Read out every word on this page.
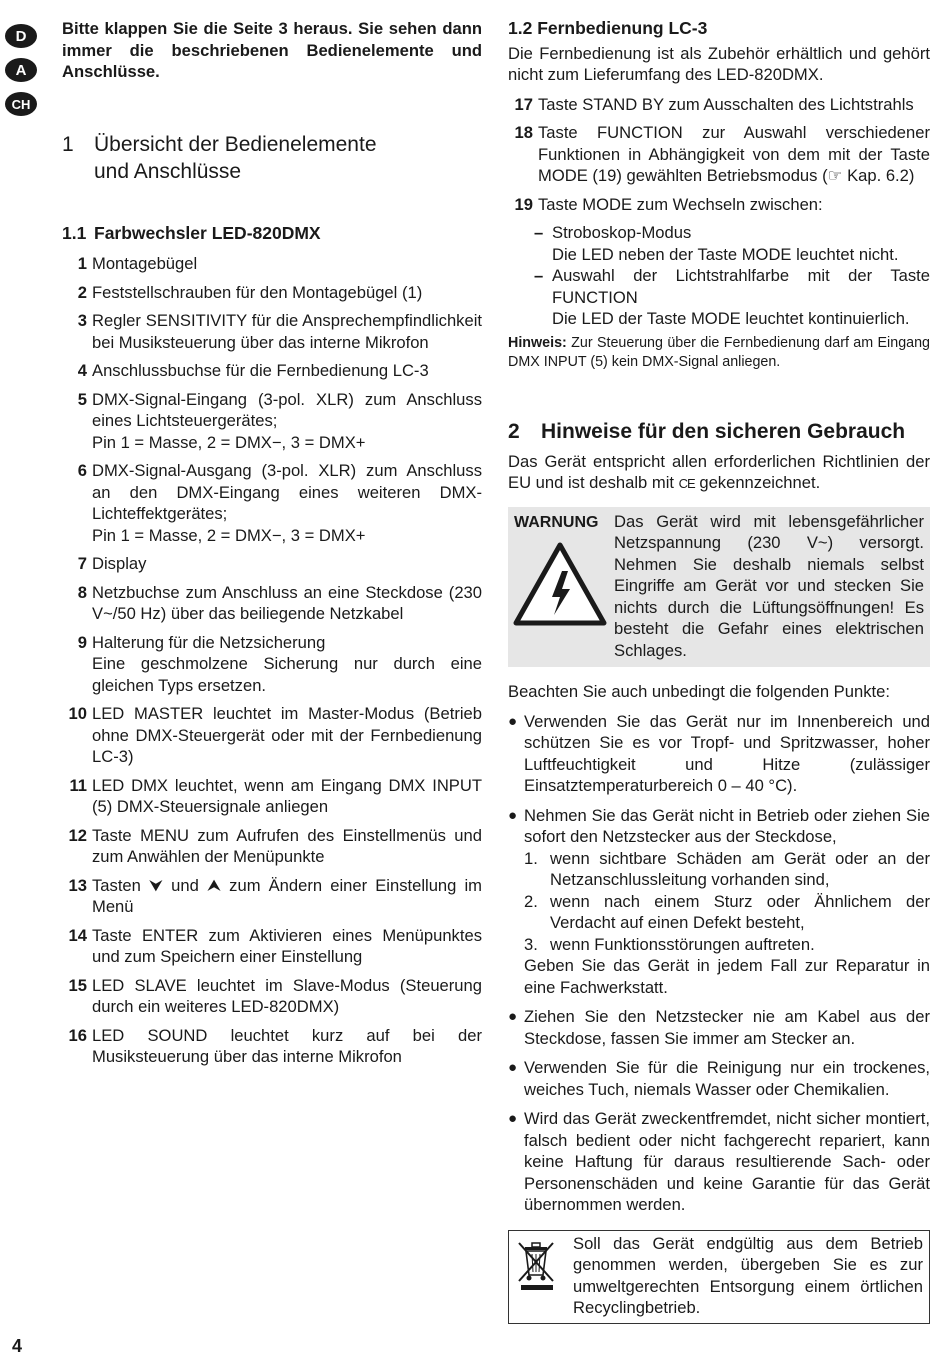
D
A
CH

Bitte klappen Sie die Seite 3 heraus. Sie sehen dann immer die beschriebenen Bedienelemente und Anschlüsse.

1 Übersicht der Bedienelemente und Anschlüsse
1.1 Farbwechsler LED-820DMX
1 Montagebügel
2 Feststellschrauben für den Montagebügel (1)
3 Regler SENSITIVITY für die Ansprechempfindlichkeit bei Musiksteuerung über das interne Mikrofon
4 Anschlussbuchse für die Fernbedienung LC-3
5 DMX-Signal-Eingang (3-pol. XLR) zum Anschluss eines Lichtsteuergerätes;
Pin 1 = Masse, 2 = DMX−, 3 = DMX+
6 DMX-Signal-Ausgang (3-pol. XLR) zum Anschluss an den DMX-Eingang eines weiteren DMX-Lichteffektgerätes;
Pin 1 = Masse, 2 = DMX−, 3 = DMX+
7 Display
8 Netzbuchse zum Anschluss an eine Steckdose (230 V~/50 Hz) über das beiliegende Netzkabel
9 Halterung für die Netzsicherung
Eine geschmolzene Sicherung nur durch eine gleichen Typs ersetzen.
10 LED MASTER leuchtet im Master-Modus (Betrieb ohne DMX-Steuergerät oder mit der Fernbedienung LC-3)
11 LED DMX leuchtet, wenn am Eingang DMX INPUT (5) DMX-Steuersignale anliegen
12 Taste MENU zum Aufrufen des Einstellmenüs und zum Anwählen der Menüpunkte
13 Tasten ⮟ und ⮝ zum Ändern einer Einstellung im Menü
14 Taste ENTER zum Aktivieren eines Menüpunktes und zum Speichern einer Einstellung
15 LED SLAVE leuchtet im Slave-Modus (Steuerung durch ein weiteres LED-820DMX)
16 LED SOUND leuchtet kurz auf bei der Musiksteuerung über das interne Mikrofon
1.2 Fernbedienung LC-3

Die Fernbedienung ist als Zubehör erhältlich und gehört nicht zum Lieferumfang des LED-820DMX.

17 Taste STAND BY zum Ausschalten des Lichtstrahls
18 Taste FUNCTION zur Auswahl verschiedener Funktionen in Abhängigkeit von dem mit der Taste MODE (19) gewählten Betriebsmodus (☞ Kap. 6.2)
19 Taste MODE zum Wechseln zwischen:
– Stroboskop-Modus
Die LED neben der Taste MODE leuchtet nicht.
– Auswahl der Lichtstrahlfarbe mit der Taste FUNCTION
Die LED der Taste MODE leuchtet kontinuierlich.

Hinweis: Zur Steuerung über die Fernbedienung darf am Eingang DMX INPUT (5) kein DMX-Signal anliegen.

2	Hinweise für den sicheren Gebrauch

Das Gerät entspricht allen erforderlichen Richtlinien der EU und ist deshalb mit CE gekennzeichnet.

WARNUNG Das Gerät wird mit lebensgefährlicher Netzspannung (230 V~) versorgt. Nehmen Sie deshalb niemals selbst Eingriffe am Gerät vor und stecken Sie nichts durch die Lüftungsöffnungen! Es besteht die Gefahr eines elektrischen Schlages.

Beachten Sie auch unbedingt die folgenden Punkte:

● Verwenden Sie das Gerät nur im Innenbereich und schützen Sie es vor Tropf- und Spritzwasser, hoher Luftfeuchtigkeit und Hitze (zulässiger Einsatztemperaturbereich 0 – 40 °C).
● Nehmen Sie das Gerät nicht in Betrieb oder ziehen Sie sofort den Netzstecker aus der Steckdose,
1. wenn sichtbare Schäden am Gerät oder an der Netzanschlussleitung vorhanden sind,
2. wenn nach einem Sturz oder Ähnlichem der Verdacht auf einen Defekt besteht,
3. wenn Funktionsstörungen auftreten.
Geben Sie das Gerät in jedem Fall zur Reparatur in eine Fachwerkstatt.
● Ziehen Sie den Netzstecker nie am Kabel aus der Steckdose, fassen Sie immer am Stecker an.
● Verwenden Sie für die Reinigung nur ein trockenes, weiches Tuch, niemals Wasser oder Chemikalien.
● Wird das Gerät zweckentfremdet, nicht sicher montiert, falsch bedient oder nicht fachgerecht repariert, kann keine Haftung für daraus resultierende Sach- oder Personenschäden und keine Garantie für das Gerät übernommen werden.
Soll das Gerät endgültig aus dem Betrieb genommen werden, übergeben Sie es zur umweltgerechten Entsorgung einem örtlichen Recyclingbetrieb.
4
